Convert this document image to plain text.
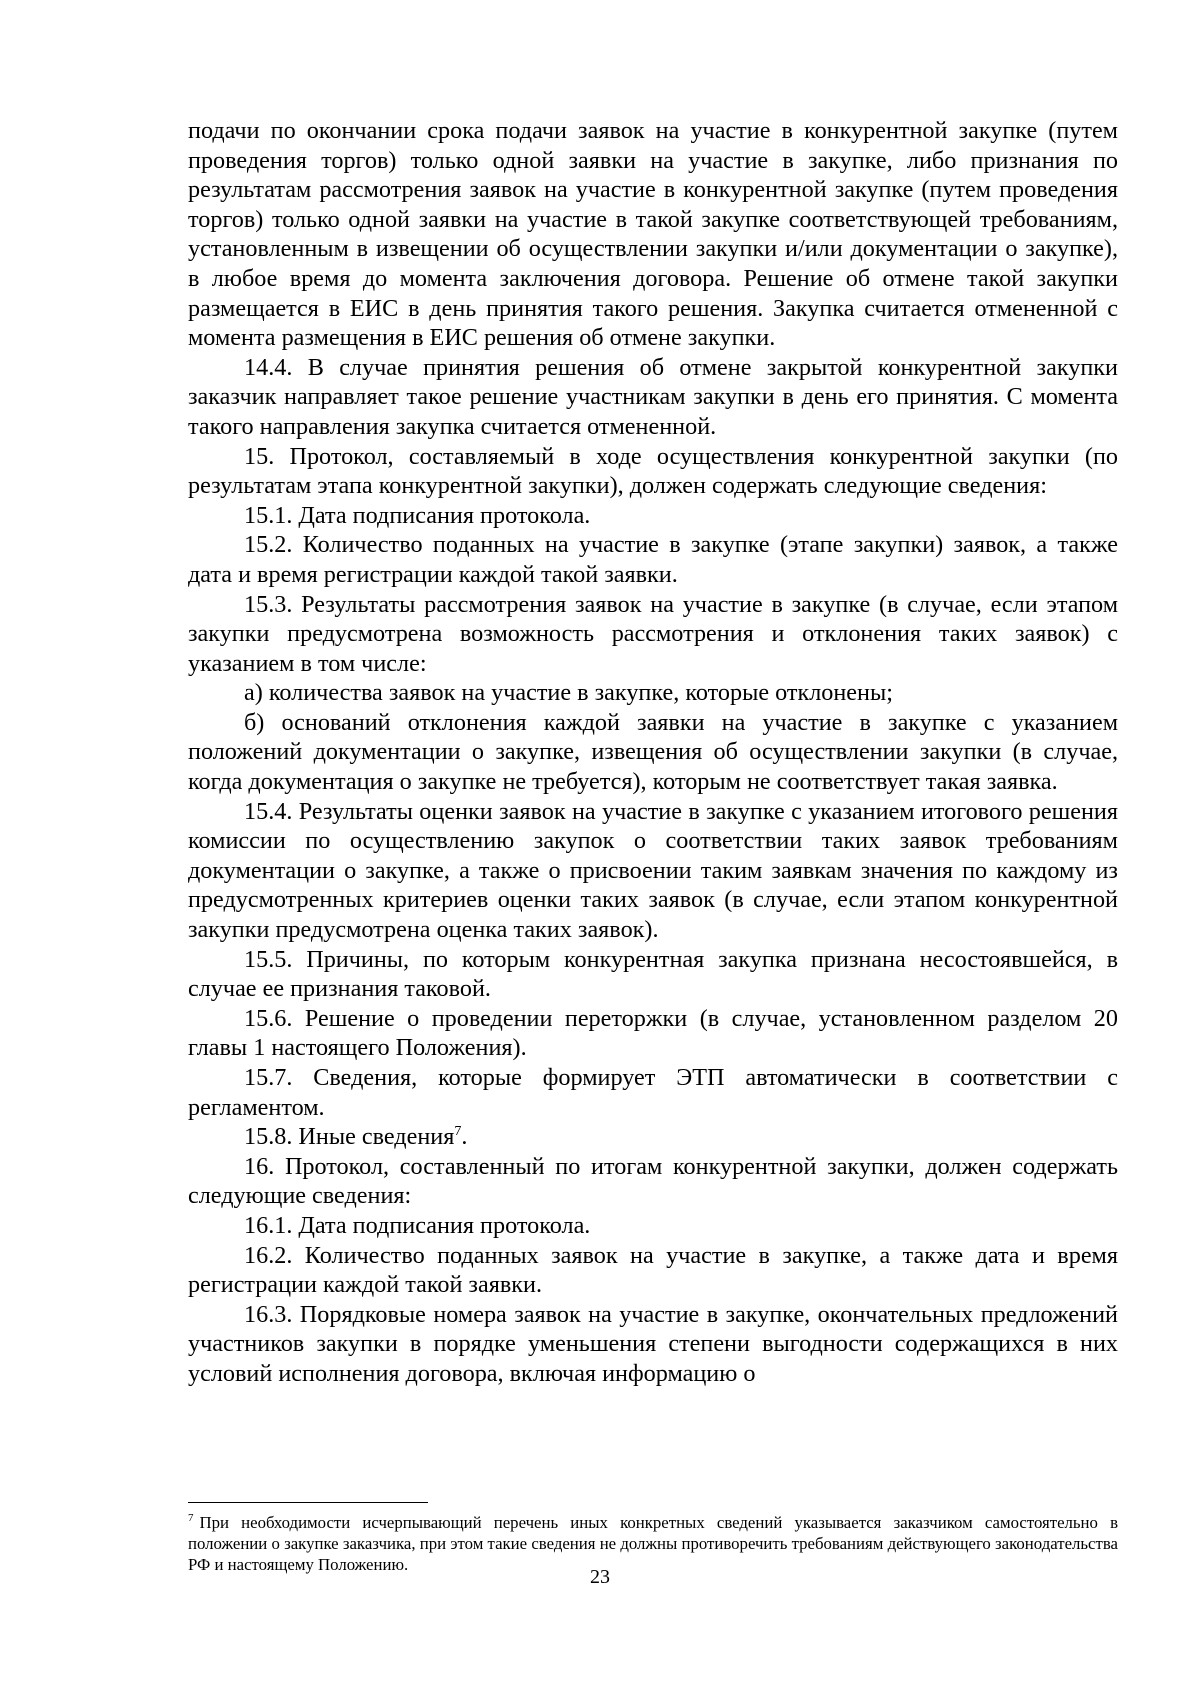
подачи по окончании срока подачи заявок на участие в конкурентной закупке (путем проведения торгов) только одной заявки на участие в закупке, либо признания по результатам рассмотрения заявок на участие в конкурентной закупке (путем проведения торгов) только одной заявки на участие в такой закупке соответствующей требованиям, установленным в извещении об осуществлении закупки и/или документации о закупке), в любое время до момента заключения договора. Решение об отмене такой закупки размещается в ЕИС в день принятия такого решения. Закупка считается отмененной с момента размещения в ЕИС решения об отмене закупки.

14.4. В случае принятия решения об отмене закрытой конкурентной закупки заказчик направляет такое решение участникам закупки в день его принятия. С момента такого направления закупка считается отмененной.

15. Протокол, составляемый в ходе осуществления конкурентной закупки (по результатам этапа конкурентной закупки), должен содержать следующие сведения:

15.1. Дата подписания протокола.

15.2. Количество поданных на участие в закупке (этапе закупки) заявок, а также дата и время регистрации каждой такой заявки.

15.3. Результаты рассмотрения заявок на участие в закупке (в случае, если этапом закупки предусмотрена возможность рассмотрения и отклонения таких заявок) с указанием в том числе:

а) количества заявок на участие в закупке, которые отклонены;

б) оснований отклонения каждой заявки на участие в закупке с указанием положений документации о закупке, извещения об осуществлении закупки (в случае, когда документация о закупке не требуется), которым не соответствует такая заявка.

15.4. Результаты оценки заявок на участие в закупке с указанием итогового решения комиссии по осуществлению закупок о соответствии таких заявок требованиям документации о закупке, а также о присвоении таким заявкам значения по каждому из предусмотренных критериев оценки таких заявок (в случае, если этапом конкурентной закупки предусмотрена оценка таких заявок).

15.5. Причины, по которым конкурентная закупка признана несостоявшейся, в случае ее признания таковой.

15.6. Решение о проведении переторжки (в случае, установленном разделом 20 главы 1 настоящего Положения).

15.7. Сведения, которые формирует ЭТП автоматически в соответствии с регламентом.

15.8. Иные сведения$^7$.

16. Протокол, составленный по итогам конкурентной закупки, должен содержать следующие сведения:

16.1. Дата подписания протокола.

16.2. Количество поданных заявок на участие в закупке, а также дата и время регистрации каждой такой заявки.

16.3. Порядковые номера заявок на участие в закупке, окончательных предложений участников закупки в порядке уменьшения степени выгодности содержащихся в них условий исполнения договора, включая информацию о

$^7$ При необходимости исчерпывающий перечень иных конкретных сведений указывается заказчиком самостоятельно в положении о закупке заказчика, при этом такие сведения не должны противоречить требованиям действующего законодательства РФ и настоящему Положению.

23
